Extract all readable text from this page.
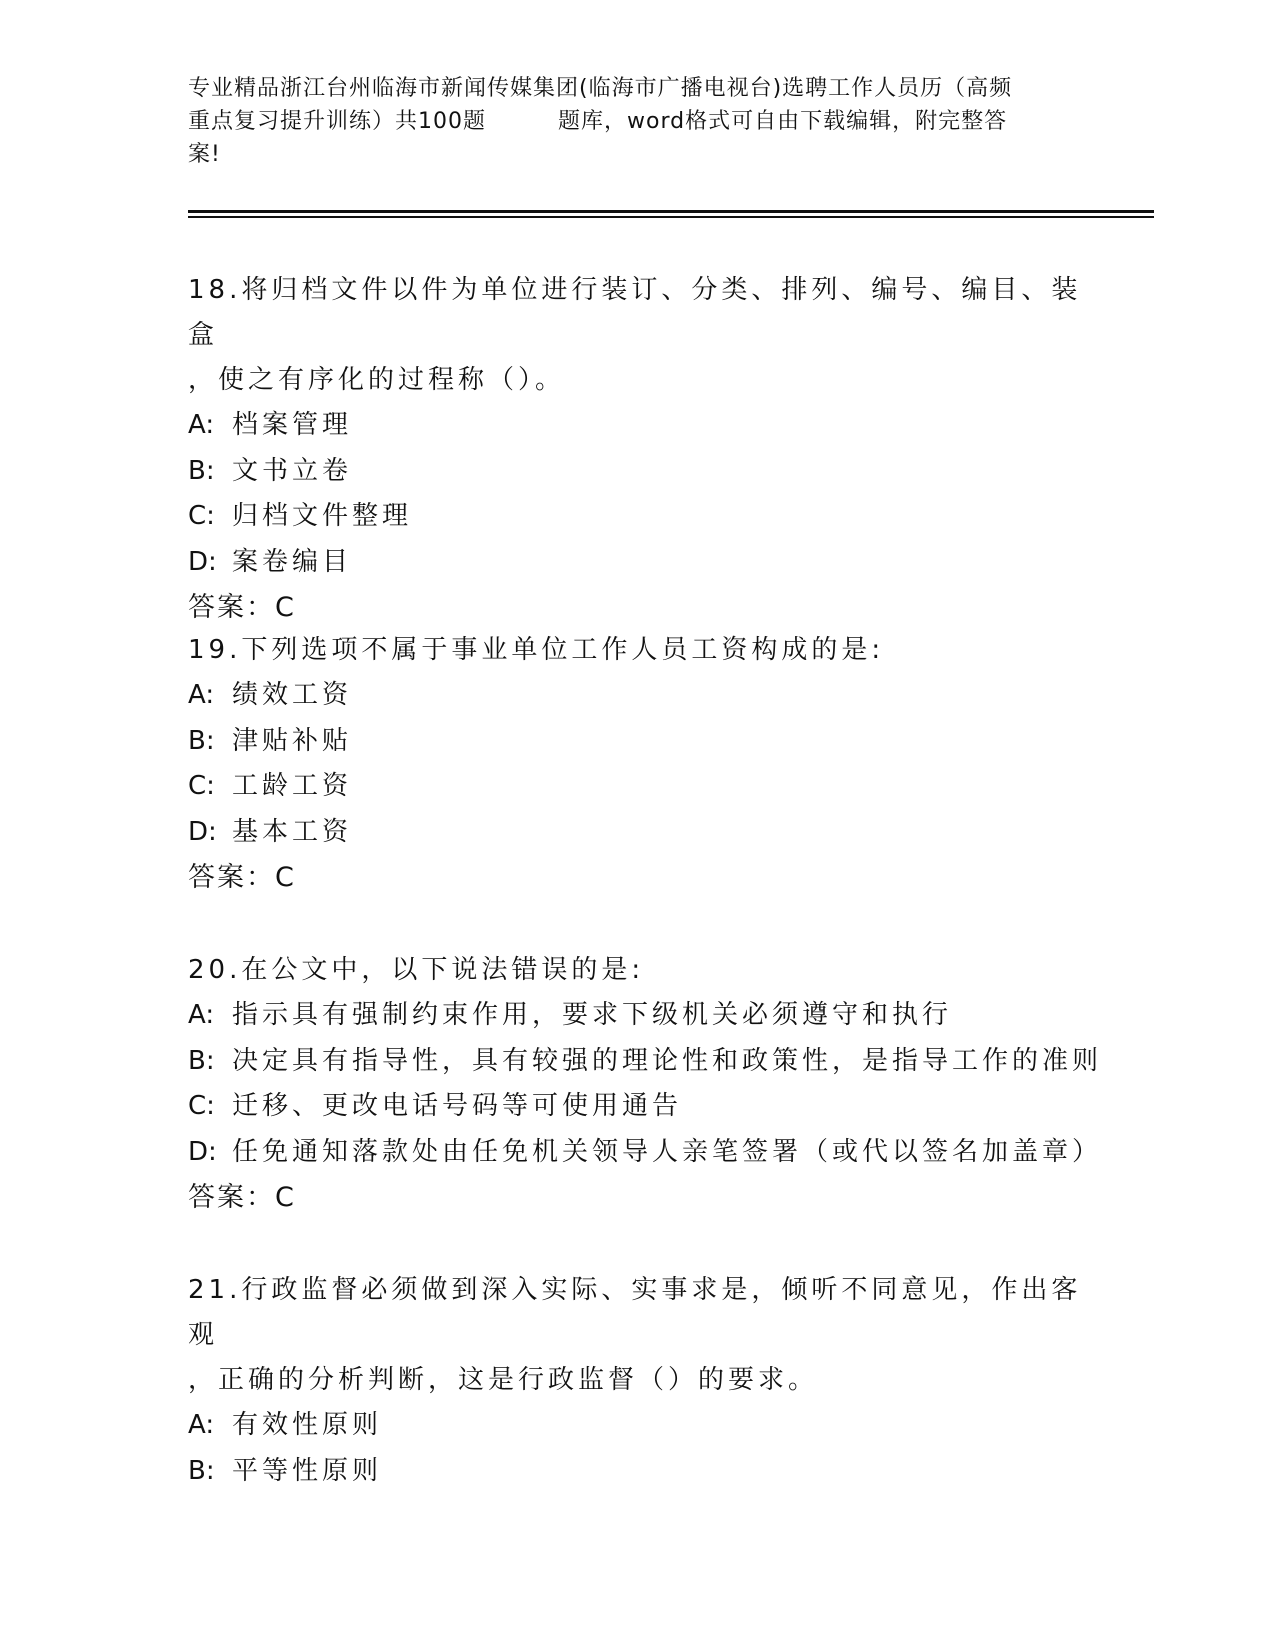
专业精品浙江台州临海市新闻传媒集团(临海市广播电视台)选聘工作人员历（高频
重点复习提升训练）共100题	题库，word格式可自由下载编辑，附完整答
案!

18.将归档文件以件为单位进行装订、分类、排列、编号、编目、装盒

，使之有序化的过程称（）。

A: 档案管理

B: 文书立卷

C: 归档文件整理

D: 案卷编目

答案：C

19.下列选项不属于事业单位工作人员工资构成的是:

A: 绩效工资

B: 津贴补贴

C: 工龄工资

D: 基本工资

答案：C

20.在公文中，以下说法错误的是:

A: 指示具有强制约束作用，要求下级机关必须遵守和执行

B: 决定具有指导性，具有较强的理论性和政策性，是指导工作的准则

C: 迁移、更改电话号码等可使用通告

D: 任免通知落款处由任免机关领导人亲笔签署（或代以签名加盖章）

答案：C

21.行政监督必须做到深入实际、实事求是，倾听不同意见，作出客观

，正确的分析判断，这是行政监督（）的要求。

A: 有效性原则

B: 平等性原则
